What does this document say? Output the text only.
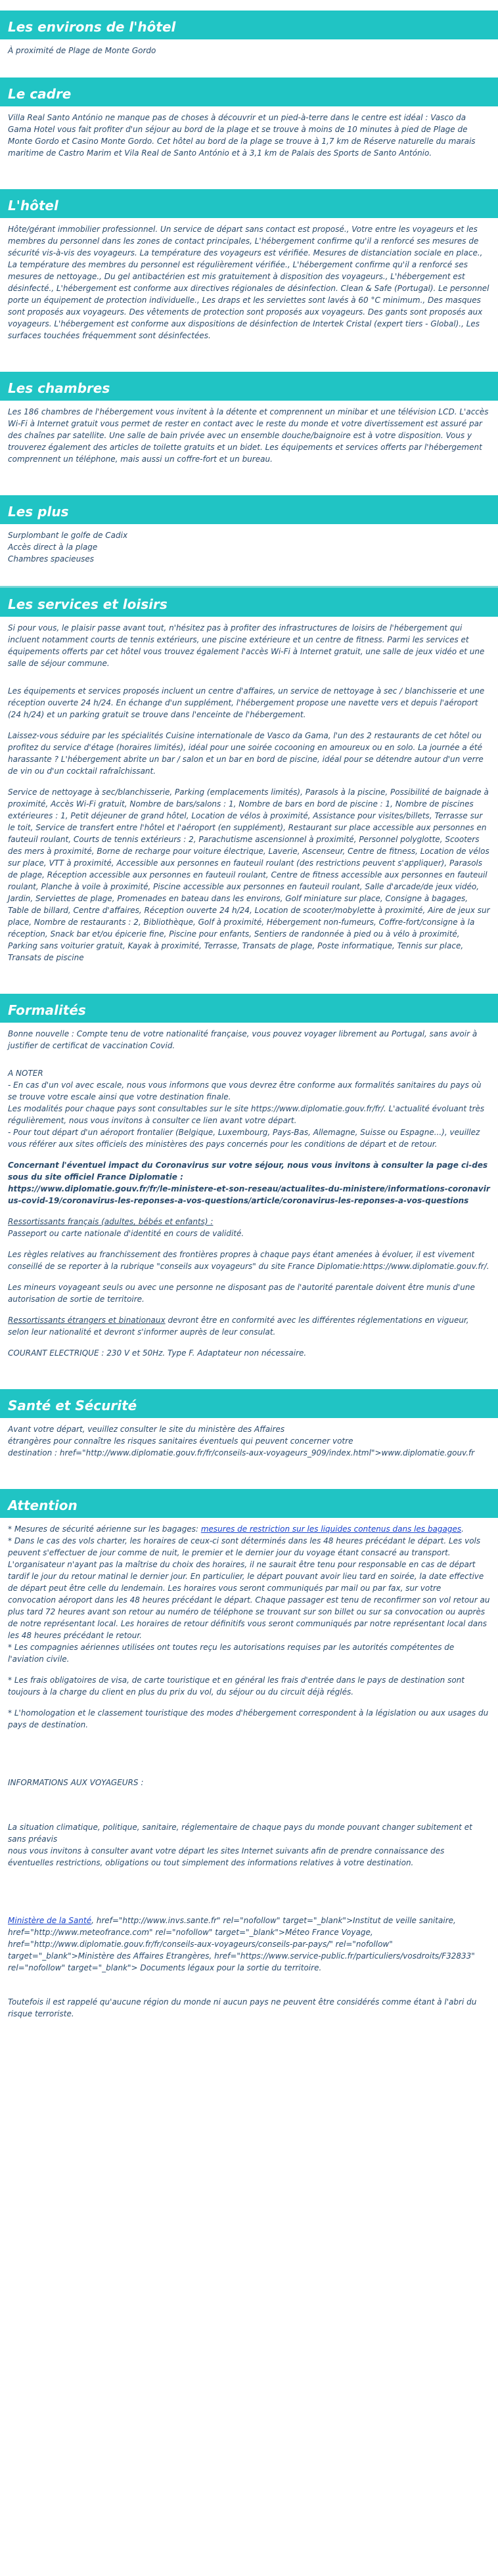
Les environs de l'hôtel
À proximité de Plage de Monte Gordo
Le cadre

Villa Real Santo António ne manque pas de choses à découvrir et un pied-à-terre dans le centre est idéal : Vasco da Gama Hotel vous fait profiter d'un séjour au bord de la plage et se trouve à moins de 10 minutes à pied de Plage de Monte Gordo et Casino Monte Gordo. Cet hôtel au bord de la plage se trouve à 1,7 km de Réserve naturelle du marais maritime de Castro Marim et Vila Real de Santo António et à 3,1 km de Palais des Sports de Santo António.

L'hôtel

Hôte/gérant immobilier professionnel. Un service de départ sans contact est proposé., Votre entre les voyageurs et les membres du personnel dans les zones de contact principales, L'hébergement confirme qu'il a renforcé ses mesures de sécurité vis-à-vis des voyageurs. La température des voyageurs est vérifiée. Mesures de distanciation sociale en place., La température des membres du personnel est régulièrement vérifiée., L'hébergement confirme qu'il a renforcé ses mesures de nettoyage., Du gel antibactérien est mis gratuitement à disposition des voyageurs., L'hébergement est désinfecté., L'hébergement est conforme aux directives régionales de désinfection. Clean & Safe (Portugal). Le personnel porte un équipement de protection individuelle., Les draps et les serviettes sont lavés à 60 °C minimum., Des masques sont proposés aux voyageurs. Des vêtements de protection sont proposés aux voyageurs. Des gants sont proposés aux voyageurs. L'hébergement est conforme aux dispositions de désinfection de Intertek Cristal (expert tiers - Global)., Les surfaces touchées fréquemment sont désinfectées.

Les chambres

Les 186 chambres de l'hébergement vous invitent à la détente et comprennent un minibar et une télévision LCD. L'accès Wi-Fi à Internet gratuit vous permet de rester en contact avec le reste du monde et votre divertissement est assuré par des chaînes par satellite. Une salle de bain privée avec un ensemble douche/baignoire est à votre disposition. Vous y trouverez également des articles de toilette gratuits et un bidet. Les équipements et services offerts par l'hébergement comprennent un téléphone, mais aussi un coffre-fort et un bureau.

Les plus
Surplombant le golfe de Cadix
Accès direct à la plage
Chambres spacieuses
Les services et loisirs

Si pour vous, le plaisir passe avant tout, n'hésitez pas à profiter des infrastructures de loisirs de l'hébergement qui incluent notamment courts de tennis extérieurs, une piscine extérieure et un centre de fitness. Parmi les services et équipements offerts par cet hôtel vous trouvez également l'accès Wi-Fi à Internet gratuit, une salle de jeux vidéo et une salle de séjour commune.

Les équipements et services proposés incluent un centre d'affaires, un service de nettoyage à sec / blanchisserie et une réception ouverte 24 h/24. En échange d'un supplément, l'hébergement propose une navette vers et depuis l'aéroport (24 h/24) et un parking gratuit se trouve dans l'enceinte de l'hébergement.

Laissez-vous séduire par les spécialités Cuisine internationale de Vasco da Gama, l'un des 2 restaurants de cet hôtel ou profitez du service d'étage (horaires limités), idéal pour une soirée cocooning en amoureux ou en solo. La journée a été harassante ? L'hébergement abrite un bar / salon et un bar en bord de piscine, idéal pour se détendre autour d'un verre de vin ou d'un cocktail rafraîchissant.

Service de nettoyage à sec/blanchisserie, Parking (emplacements limités), Parasols à la piscine, Possibilité de baignade à proximité, Accès Wi-Fi gratuit, Nombre de bars/salons : 1, Nombre de bars en bord de piscine : 1, Nombre de piscines extérieures : 1, Petit déjeuner de grand hôtel, Location de vélos à proximité, Assistance pour visites/billets, Terrasse sur le toit, Service de transfert entre l'hôtel et l'aéroport (en supplément), Restaurant sur place accessible aux personnes en fauteuil roulant, Courts de tennis extérieurs : 2, Parachutisme ascensionnel à proximité, Personnel polyglotte, Scooters des mers à proximité, Borne de recharge pour voiture électrique, Laverie, Ascenseur, Centre de fitness, Location de vélos sur place, VTT à proximité, Accessible aux personnes en fauteuil roulant (des restrictions peuvent s'appliquer), Parasols de plage, Réception accessible aux personnes en fauteuil roulant, Centre de fitness accessible aux personnes en fauteuil roulant, Planche à voile à proximité, Piscine accessible aux personnes en fauteuil roulant, Salle d'arcade/de jeux vidéo, Jardin, Serviettes de plage, Promenades en bateau dans les environs, Golf miniature sur place, Consigne à bagages, Table de billard, Centre d'affaires, Réception ouverte 24 h/24, Location de scooter/mobylette à proximité, Aire de jeux sur place, Nombre de restaurants : 2, Bibliothèque, Golf à proximité, Hébergement non-fumeurs, Coffre-fort/consigne à la réception, Snack bar et/ou épicerie fine, Piscine pour enfants, Sentiers de randonnée à pied ou à vélo à proximité, Parking sans voiturier gratuit, Kayak à proximité, Terrasse, Transats de plage, Poste informatique, Tennis sur place, Transats de piscine

Formalités

Bonne nouvelle : Compte tenu de votre nationalité française, vous pouvez voyager librement au Portugal, sans avoir à justifier de certificat de vaccination Covid.

A NOTER
- En cas d'un vol avec escale, nous vous informons que vous devrez être conforme aux formalités sanitaires du pays où se trouve votre escale ainsi que votre destination finale.
Les modalités pour chaque pays sont consultables sur le site https://www.diplomatie.gouv.fr/fr/. L'actualité évoluant très régulièrement, nous vous invitons à consulter ce lien avant votre départ.
- Pour tout départ d'un aéroport frontalier (Belgique, Luxembourg, Pays-Bas, Allemagne, Suisse ou Espagne...), veuillez vous référer aux sites officiels des ministères des pays concernés pour les conditions de départ et de retour.

Concernant l'éventuel impact du Coronavirus sur votre séjour, nous vous invitons à consulter la page ci-dessous du site officiel France Diplomatie :
https://www.diplomatie.gouv.fr/fr/le-ministere-et-son-reseau/actualites-du-ministere/informations-coronavirus-covid-19/coronavirus-les-reponses-a-vos-questions/article/coronavirus-les-reponses-a-vos-questions

Ressortissants français (adultes, bébés et enfants) :
Passeport ou carte nationale d'identité en cours de validité.

Les règles relatives au franchissement des frontières propres à chaque pays étant amenées à évoluer, il est vivement conseillé de se reporter à la rubrique "conseils aux voyageurs" du site France Diplomatie:https://www.diplomatie.gouv.fr/.

Les mineurs voyageant seuls ou avec une personne ne disposant pas de l'autorité parentale doivent être munis d'une autorisation de sortie de territoire.

Ressortissants étrangers et binationaux devront être en conformité avec les différentes réglementations en vigueur, selon leur nationalité et devront s'informer auprès de leur consulat.

COURANT ELECTRIQUE : 230 V et 50Hz. Type F. Adaptateur non nécessaire.

Santé et Sécurité

Avant votre départ, veuillez consulter le site du ministère des Affaires
étrangères pour connaître les risques sanitaires éventuels qui peuvent concerner votre
destination : href="http://www.diplomatie.gouv.fr/fr/conseils-aux-voyageurs_909/index.html">www.diplomatie.gouv.fr

Attention

* Mesures de sécurité aérienne sur les bagages: mesures de restriction sur les liquides contenus dans les bagages.

* Dans le cas des vols charter, les horaires de ceux-ci sont déterminés dans les 48 heures précédant le départ. Les vols peuvent s'effectuer de jour comme de nuit, le premier et le dernier jour du voyage étant consacré au transport. L'organisateur n'ayant pas la maîtrise du choix des horaires, il ne saurait être tenu pour responsable en cas de départ tardif le jour du retour matinal le dernier jour. En particulier, le départ pouvant avoir lieu tard en soirée, la date effective de départ peut être celle du lendemain. Les horaires vous seront communiqués par mail ou par fax, sur votre convocation aéroport dans les 48 heures précédant le départ. Chaque passager est tenu de reconfirmer son vol retour au plus tard 72 heures avant son retour au numéro de téléphone se trouvant sur son billet ou sur sa convocation ou auprès de notre représentant local. Les horaires de retour définitifs vous seront communiqués par notre représentant local dans les 48 heures précédant le retour.
* Les compagnies aériennes utilisées ont toutes reçu les autorisations requises par les autorités compétentes de l'aviation civile.

* Les frais obligatoires de visa, de carte touristique et en général les frais d'entrée dans le pays de destination sont toujours à la charge du client en plus du prix du vol, du séjour ou du circuit déjà réglés.

* L'homologation et le classement touristique des modes d'hébergement correspondent à la législation ou aux usages du pays de destination.

INFORMATIONS AUX VOYAGEURS :

La situation climatique, politique, sanitaire, réglementaire de chaque pays du monde pouvant changer subitement et sans préavis
nous vous invitons à consulter avant votre départ les sites Internet suivants afin de prendre connaissance des éventuelles restrictions, obligations ou tout simplement des informations relatives à votre destination.

Ministère de la Santé, href="http://www.invs.sante.fr" rel="nofollow" target="_blank">Institut de veille sanitaire, href="http://www.meteofrance.com" rel="nofollow" target="_blank">Méteo France Voyage, href="http://www.diplomatie.gouv.fr/fr/conseils-aux-voyageurs/conseils-par-pays/" rel="nofollow" target="_blank">Ministère des Affaires Etrangères, href="https://www.service-public.fr/particuliers/vosdroits/F32833" rel="nofollow" target="_blank"> Documents légaux pour la sortie du territoire.

Toutefois il est rappelé qu'aucune région du monde ni aucun pays ne peuvent être considérés comme étant à l'abri du risque terroriste.
